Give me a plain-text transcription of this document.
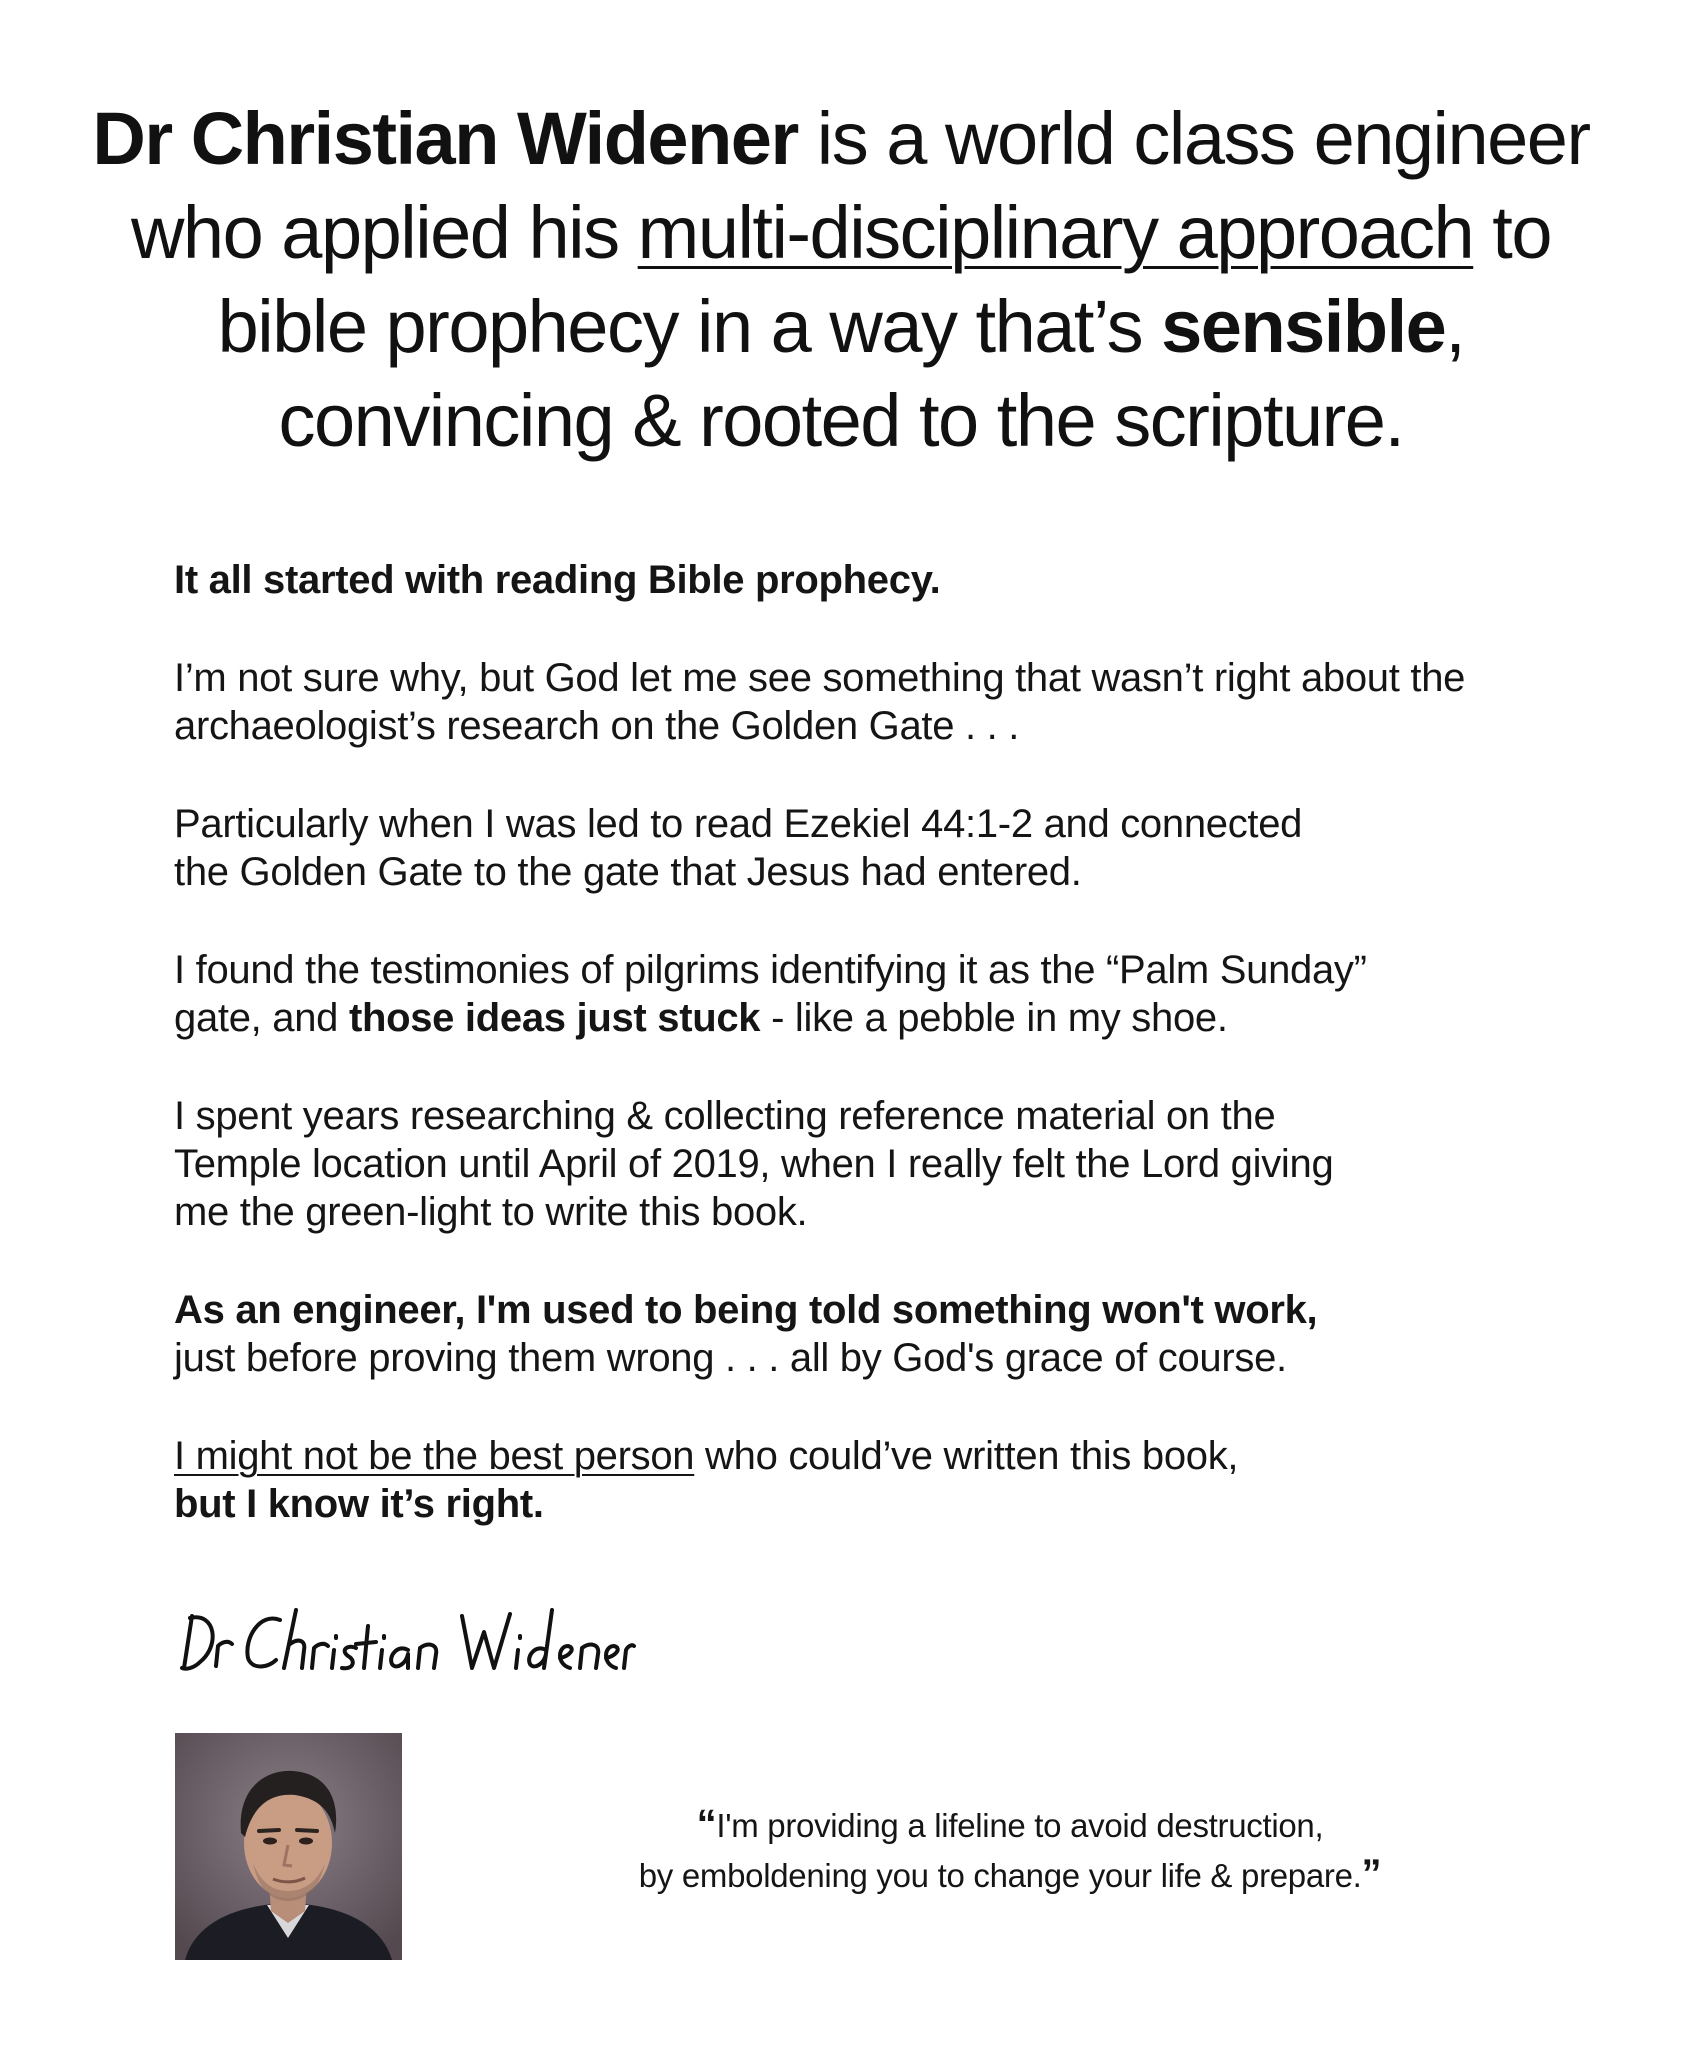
Dr Christian Widener is a world class engineer
who applied his multi-disciplinary approach to
bible prophecy in a way that’s sensible,
convincing & rooted to the scripture.

It all started with reading Bible prophecy.

I’m not sure why, but God let me see something that wasn’t right about the archaeologist’s research on the Golden Gate . . .

Particularly when I was led to read Ezekiel 44:1-2 and connected
the Golden Gate to the gate that Jesus had entered.

I found the testimonies of pilgrims identifying it as the “Palm Sunday”
gate, and those ideas just stuck - like a pebble in my shoe.

I spent years researching & collecting reference material on the
Temple location until April of 2019, when I really felt the Lord giving
me the green-light to write this book.

As an engineer, I'm used to being told something won't work,
just before proving them wrong . . . all by God's grace of course.

I might not be the best person who could’ve written this book,
but I know it’s right.

“I'm providing a lifeline to avoid destruction,
by emboldening you to change your life & prepare.”
